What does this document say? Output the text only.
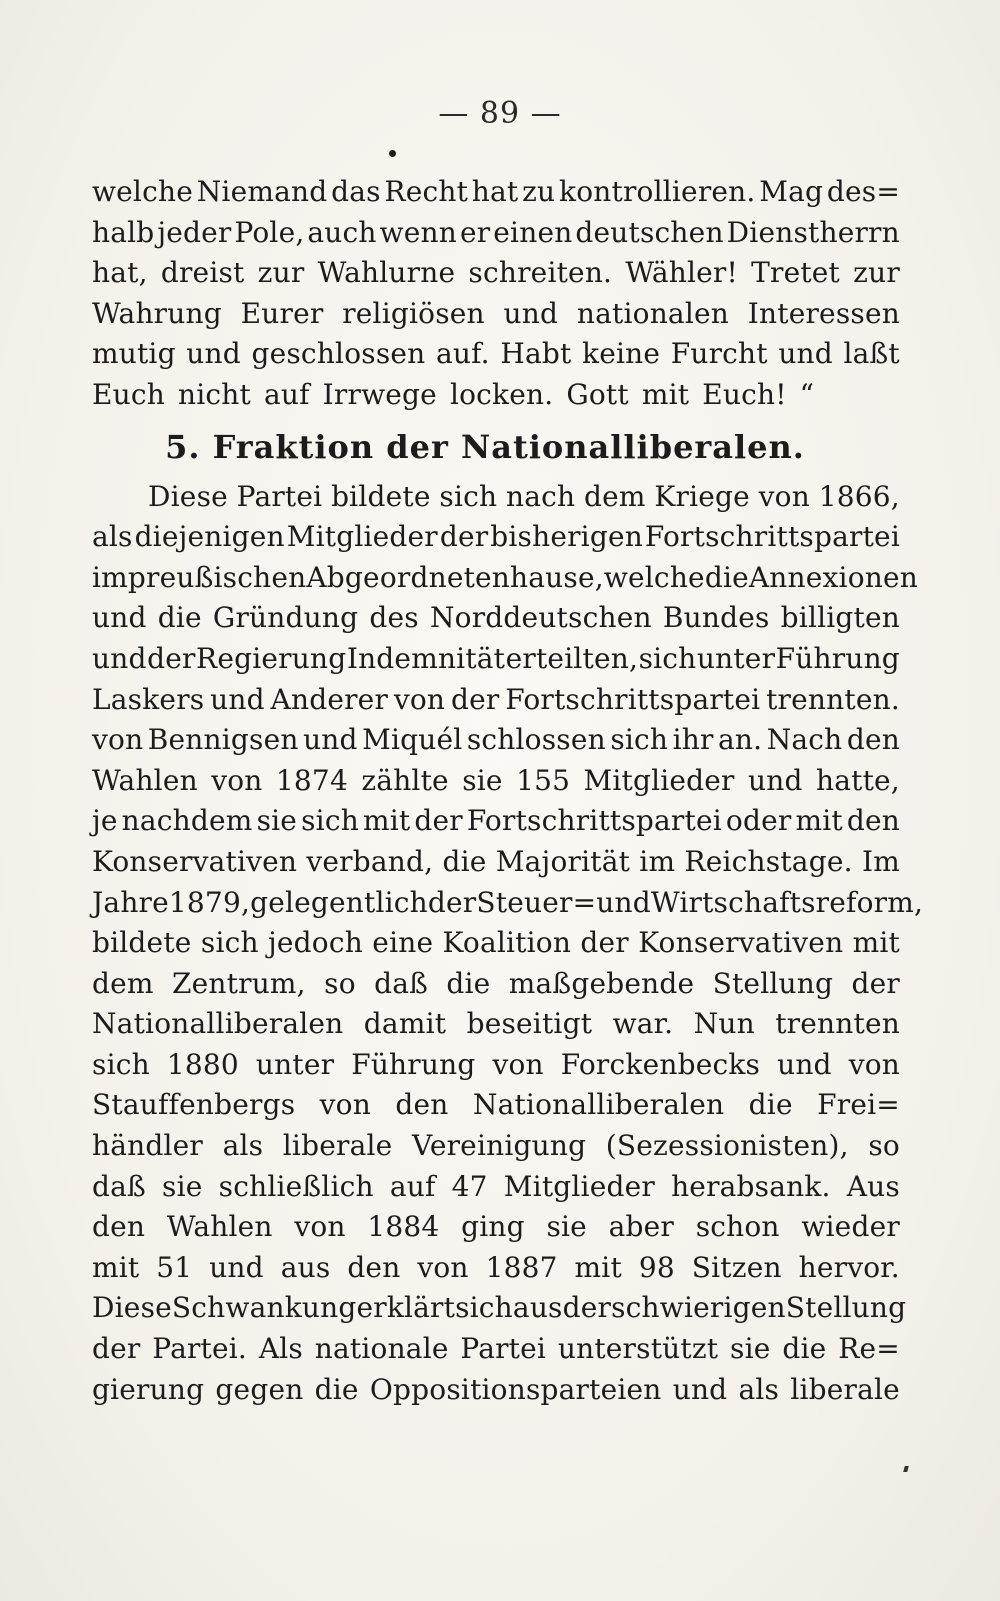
— 89 —
welche Niemand das Recht hat zu kontrollieren. Mag des=
halb jeder Pole, auch wenn er einen deutschen Dienstherrn
hat, dreist zur Wahlurne schreiten. Wähler! Tretet zur
Wahrung Eurer religiösen und nationalen Interessen
mutig und geschlossen auf. Habt keine Furcht und laßt
Euch nicht auf Irrwege locken. Gott mit Euch! “
5. Fraktion der Nationalliberalen.
Diese Partei bildete sich nach dem Kriege von 1866,
als diejenigen Mitglieder der bisherigen Fortschrittspartei
im preußischen Abgeordnetenhause, welche die Annexionen
und die Gründung des Norddeutschen Bundes billigten
und der Regierung Indemnität erteilten, sich unter Führung
Laskers und Anderer von der Fortschrittspartei trennten.
von Bennigsen und Miquél schlossen sich ihr an. Nach den
Wahlen von 1874 zählte sie 155 Mitglieder und hatte,
je nachdem sie sich mit der Fortschrittspartei oder mit den
Konservativen verband, die Majorität im Reichstage. Im
Jahre 1879, gelegentlich der Steuer= und Wirtschaftsreform,
bildete sich jedoch eine Koalition der Konservativen mit
dem Zentrum, so daß die maßgebende Stellung der
Nationalliberalen damit beseitigt war. Nun trennten
sich 1880 unter Führung von Forckenbecks und von
Stauffenbergs von den Nationalliberalen die Frei=
händler als liberale Vereinigung (Sezessionisten), so
daß sie schließlich auf 47 Mitglieder herabsank. Aus
den Wahlen von 1884 ging sie aber schon wieder
mit 51 und aus den von 1887 mit 98 Sitzen hervor.
Diese Schwankung erklärt sich aus der schwierigen Stellung
der Partei. Als nationale Partei unterstützt sie die Re=
gierung gegen die Oppositionsparteien und als liberale
